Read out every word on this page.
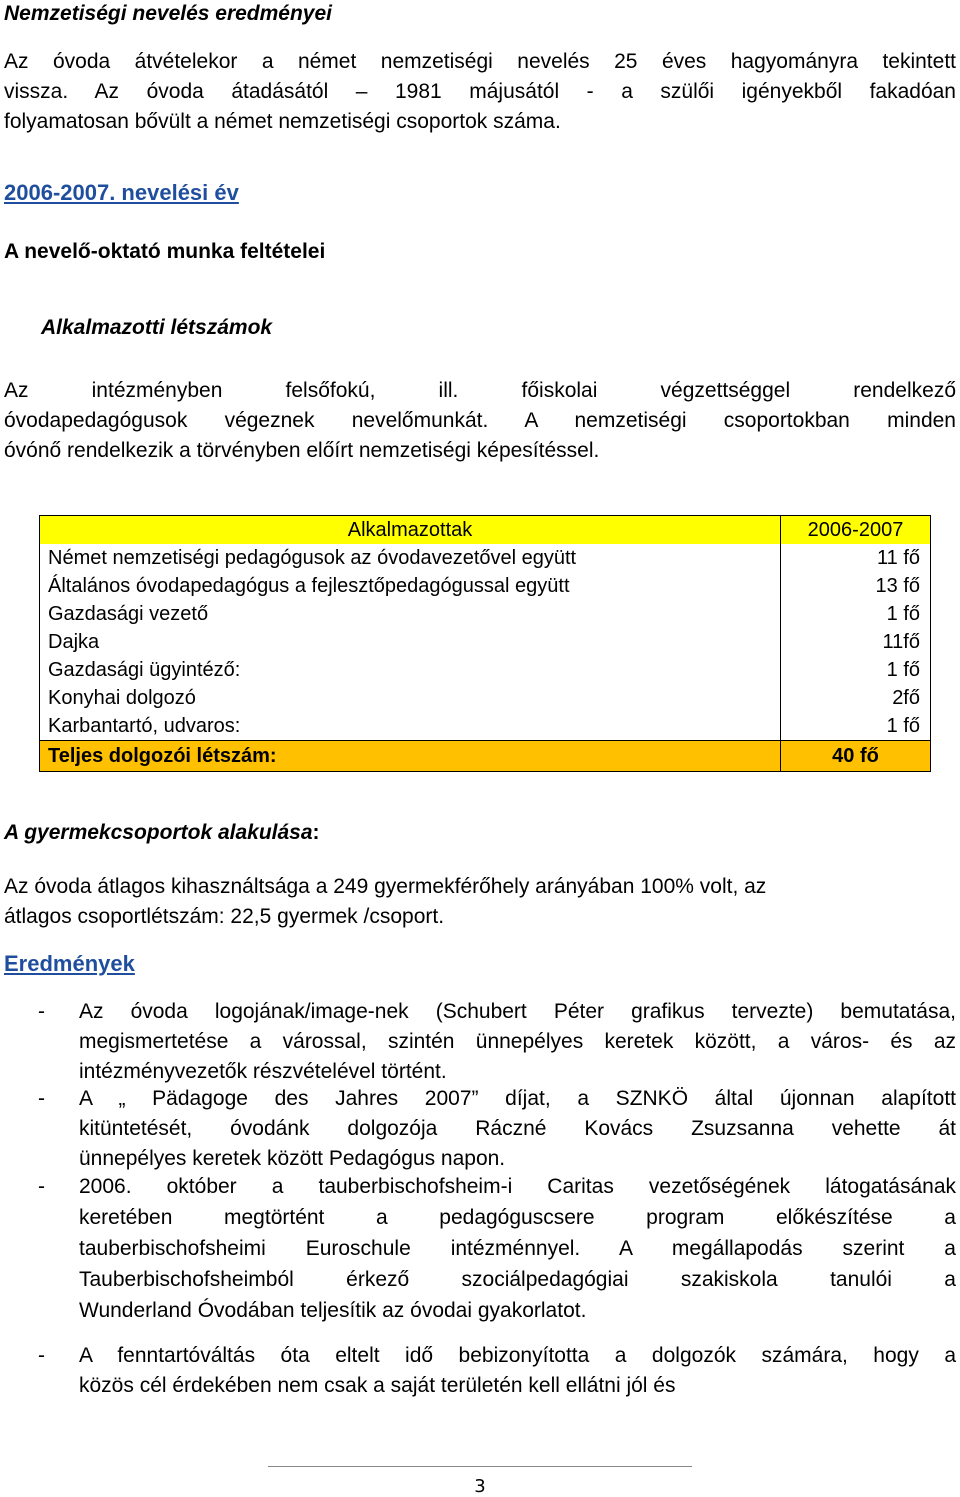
Nemzetiségi nevelés eredményei
Az óvoda átvételekor a német nemzetiségi nevelés 25 éves hagyományra tekintett
vissza. Az óvoda átadásától – 1981 májusától - a szülői igényekből fakadóan
folyamatosan bővült a német nemzetiségi csoportok száma.
2006-2007. nevelési év
A nevelő-oktató munka feltételei
Alkalmazotti létszámok
Az intézményben felsőfokú, ill. főiskolai végzettséggel rendelkező
óvodapedagógusok végeznek nevelőmunkát. A nemzetiségi csoportokban minden
óvónő rendelkezik a törvényben előírt nemzetiségi képesítéssel.
Alkalmazottak	2006-2007
Német nemzetiségi pedagógusok az óvodavezetővel együtt	11 fő
Általános óvodapedagógus a fejlesztőpedagógussal együtt	13 fő
Gazdasági vezető	1 fő
Dajka	11fő
Gazdasági ügyintéző:	1 fő
Konyhai dolgozó	2fő
Karbantartó, udvaros:	1 fő
Teljes dolgozói létszám:	40 fő
A gyermekcsoportok alakulása:
Az óvoda átlagos kihasználtsága a 249 gyermekférőhely arányában 100% volt, az
átlagos csoportlétszám: 22,5 gyermek /csoport.
Eredmények
- Az óvoda logojának/image-nek (Schubert Péter grafikus tervezte) bemutatása,
megismertetése a várossal, szintén ünnepélyes keretek között, a város- és az
intézményvezetők részvételével történt.
- A „ Pädagoge des Jahres 2007” díjat, a SZNKÖ által újonnan alapított
kitüntetését, óvodánk dolgozója Ráczné Kovács Zsuzsanna vehette át
ünnepélyes keretek között Pedagógus napon.
- 2006. október a tauberbischofsheim-i Caritas vezetőségének látogatásának
keretében megtörtént a pedagóguscsere program előkészítése a
tauberbischofsheimi Euroschule intézménnyel. A megállapodás szerint a
Tauberbischofsheimból érkező szociálpedagógiai szakiskola tanulói a
Wunderland Óvodában teljesítik az óvodai gyakorlatot.
- A fenntartóváltás óta eltelt idő bebizonyította a dolgozók számára, hogy a
közös cél érdekében nem csak a saját területén kell ellátni jól és
3
